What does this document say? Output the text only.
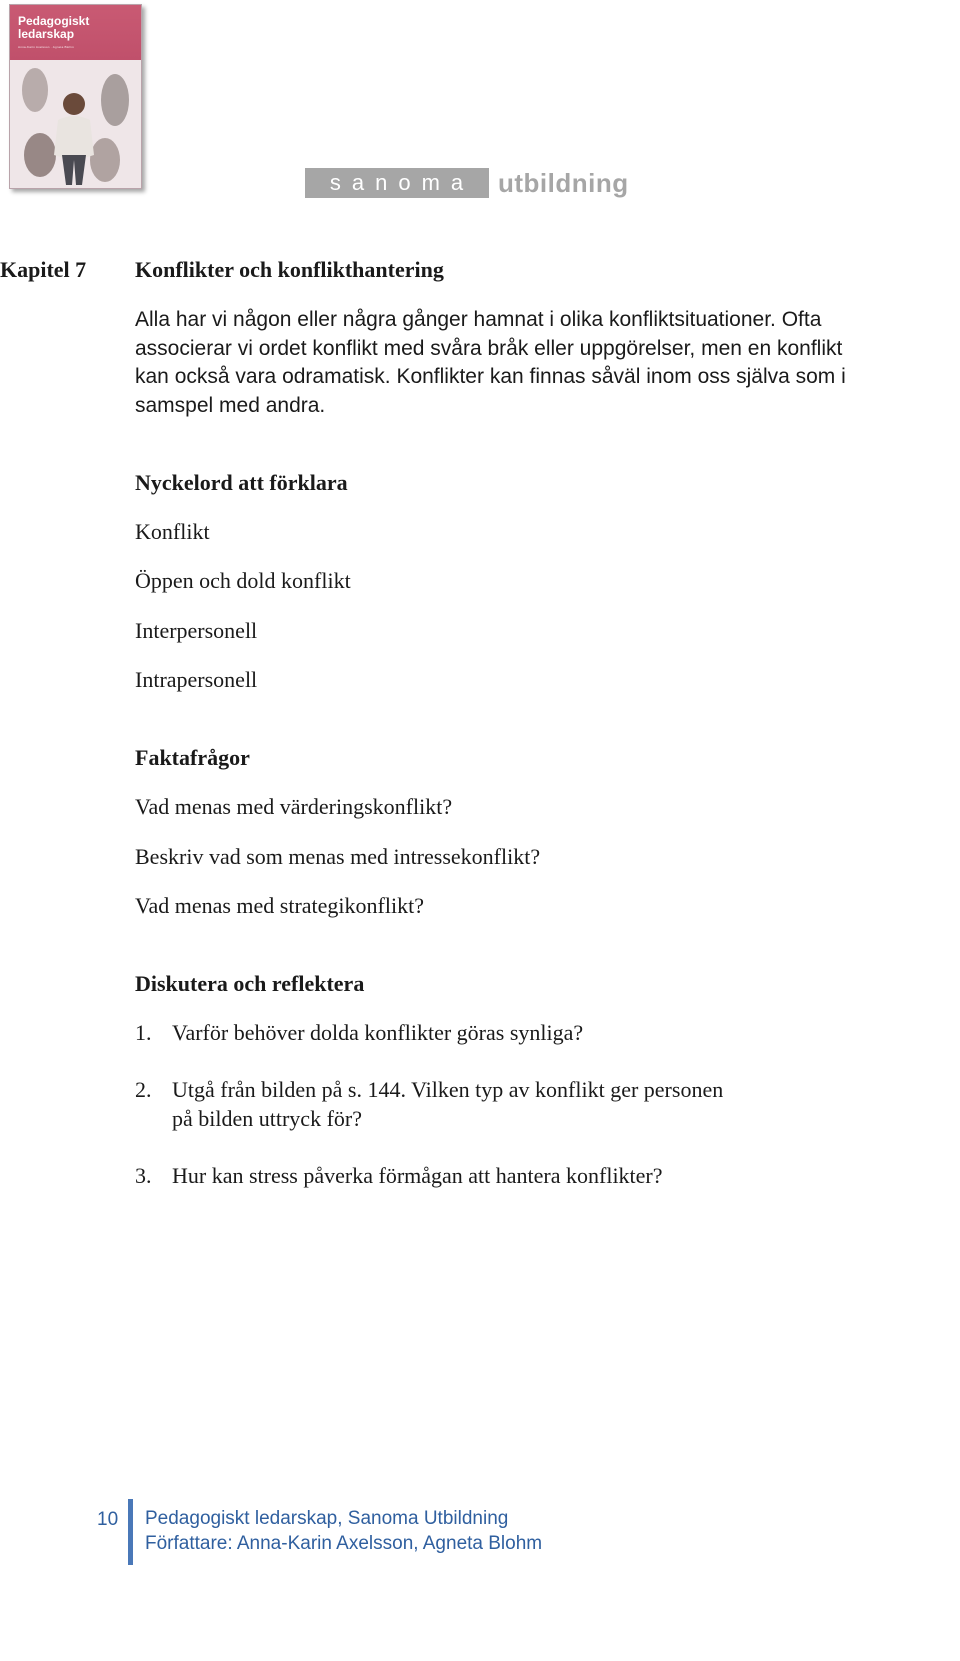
Pedagogiskt
ledarskap
Anna-Karin Axelsson · Agneta Blohm
sanoma utbildning
Kapitel 7 Konflikter och konflikthantering
Alla har vi någon eller några gånger hamnat i olika konfliktsituationer. Ofta
associerar vi ordet konflikt med svåra bråk eller uppgörelser, men en konflikt
kan också vara odramatisk. Konflikter kan finnas såväl inom oss själva som i
samspel med andra.
Nyckelord att förklara

Konflikt

Öppen och dold konflikt

Interpersonell

Intrapersonell

Faktafrågor

Vad menas med värderingskonflikt?

Beskriv vad som menas med intressekonflikt?

Vad menas med strategikonflikt?

Diskutera och reflektera
1. Varför behöver dolda konflikter göras synliga?
2. Utgå från bilden på s. 144. Vilken typ av konflikt ger personen
på bilden uttryck för?
3. Hur kan stress påverka förmågan att hantera konflikter?
10 Pedagogiskt ledarskap, Sanoma Utbildning
Författare: Anna-Karin Axelsson, Agneta Blohm
